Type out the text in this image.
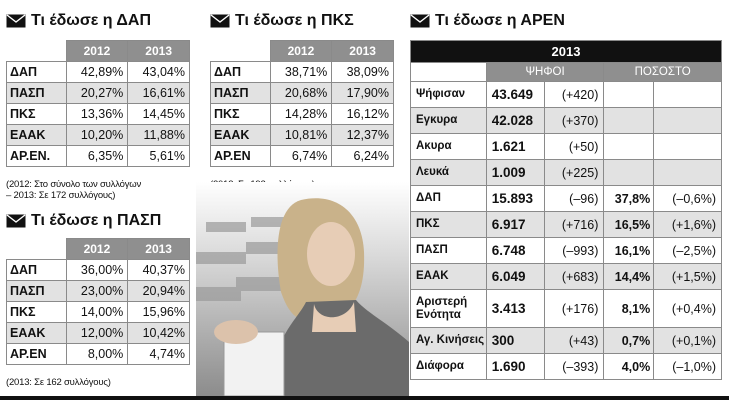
Τι έδωσε η ΔΑΠ
	2012	2013
ΔΑΠ	42,89%	43,04%
ΠΑΣΠ	20,27%	16,61%
ΠΚΣ	13,36%	14,45%
ΕΑΑΚ	10,20%	11,88%
ΑΡ.ΕΝ.	6,35%	5,61%
(2012: Στο σύνολο των συλλόγων
– 2013: Σε 172 συλλόγους)
Τι έδωσε η ΠΚΣ
	2012	2013
ΔΑΠ	38,71%	38,09%
ΠΑΣΠ	20,68%	17,90%
ΠΚΣ	14,28%	16,12%
ΕΑΑΚ	10,81%	12,37%
ΑΡ.ΕΝ	6,74%	6,24%
Τι έδωσε η ΠΑΣΠ
	2012	2013
ΔΑΠ	36,00%	40,37%
ΠΑΣΠ	23,00%	20,94%
ΠΚΣ	14,00%	15,96%
ΕΑΑΚ	12,00%	10,42%
ΑΡ.ΕΝ	8,00%	4,74%
(2013: Σε 162 συλλόγους)
Τι έδωσε η ΑΡΕΝ
2013				
	ΨΗΦΟΙ		ΠΟΣΟΣΤΟ	
Ψήφισαν	43.649	(+420)		
Εγκυρα	42.028	(+370)		
Ακυρα	1.621	(+50)		
Λευκά	1.009	(+225)		
ΔΑΠ	15.893	(–96)	37,8%	(–0,6%)
ΠΚΣ	6.917	(+716)	16,5%	(+1,6%)
ΠΑΣΠ	6.748	(–993)	16,1%	(–2,5%)
ΕΑΑΚ	6.049	(+683)	14,4%	(+1,5%)
Αριστερή Ενότητα	3.413	(+176)	8,1%	(+0,4%)
Αγ. Κινήσεις	300	(+43)	0,7%	(+0,1%)
Διάφορα	1.690	(–393)	4,0%	(–1,0%)
